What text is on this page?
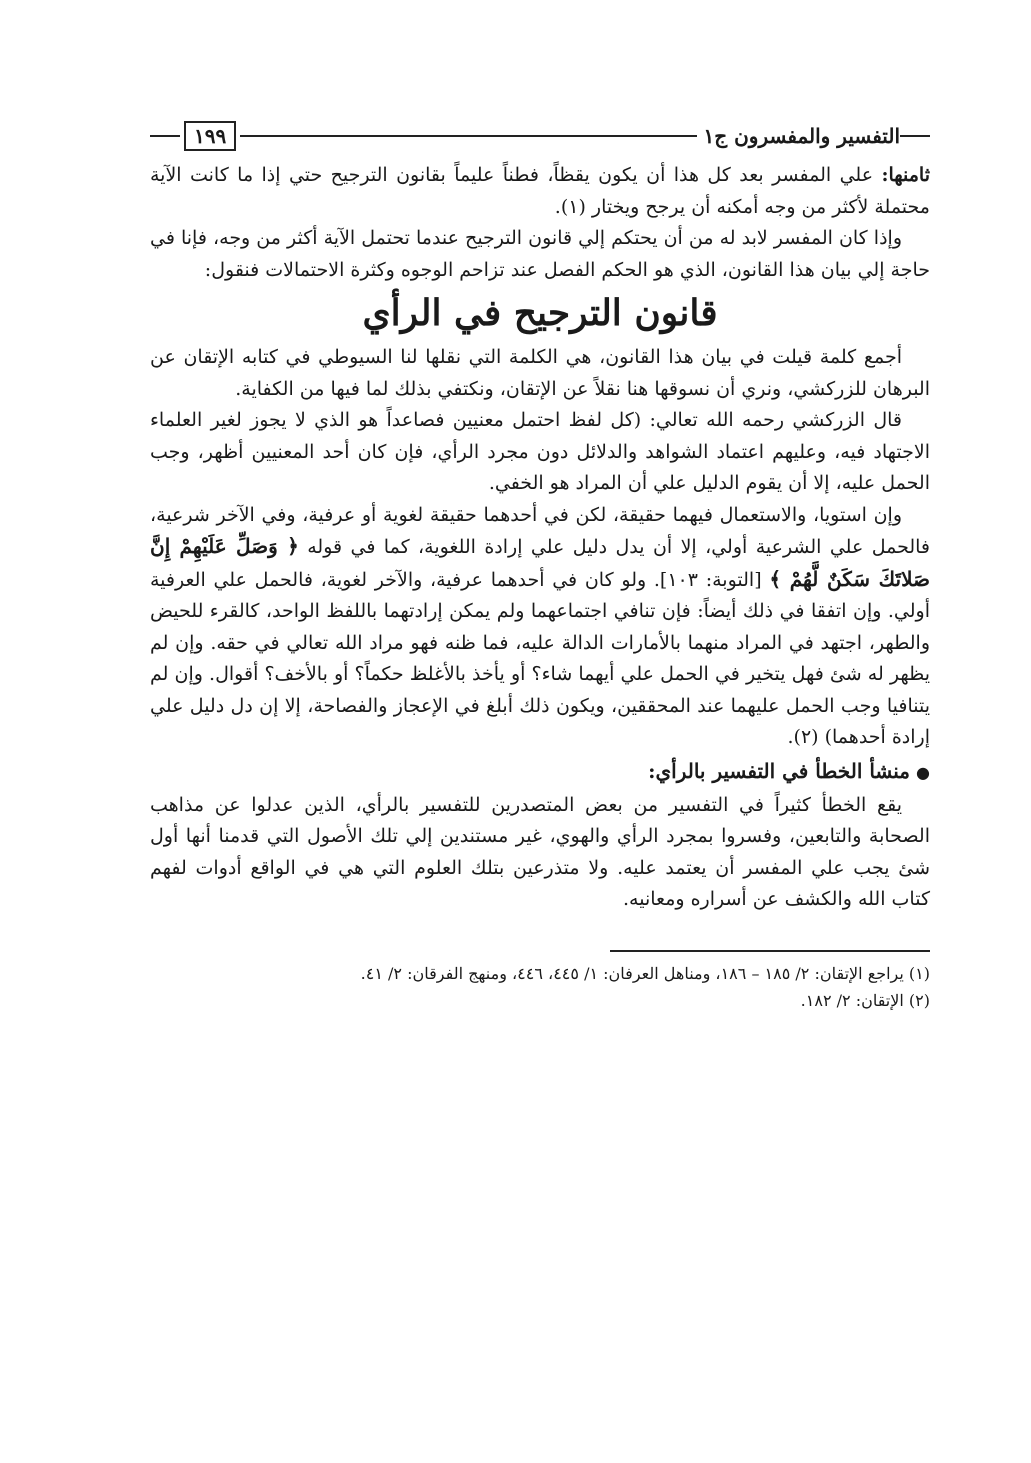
التفسير والمفسرون ج١
١٩٩

ثامنها: علي المفسر بعد كل هذا أن يكون يقظاً، فطناً عليماً بقانون الترجيح حتي إذا ما كانت الآية محتملة لأكثر من وجه أمكنه أن يرجح ويختار (١).

وإذا كان المفسر لابد له من أن يحتكم إلي قانون الترجيح عندما تحتمل الآية أكثر من وجه، فإنا في حاجة إلي بيان هذا القانون، الذي هو الحكم الفصل عند تزاحم الوجوه وكثرة الاحتمالات فنقول:

قانون الترجيح في الرأي

أجمع كلمة قيلت في بيان هذا القانون، هي الكلمة التي نقلها لنا السيوطي في كتابه الإتقان عن البرهان للزركشي، ونري أن نسوقها هنا نقلاً عن الإتقان، ونكتفي بذلك لما فيها من الكفاية.

قال الزركشي رحمه الله تعالي: (كل لفظ احتمل معنيين فصاعداً هو الذي لا يجوز لغير العلماء الاجتهاد فيه، وعليهم اعتماد الشواهد والدلائل دون مجرد الرأي، فإن كان أحد المعنيين أظهر، وجب الحمل عليه، إلا أن يقوم الدليل علي أن المراد هو الخفي.

وإن استويا، والاستعمال فيهما حقيقة، لكن في أحدهما حقيقة لغوية أو عرفية، وفي الآخر شرعية، فالحمل علي الشرعية أولي، إلا أن يدل دليل علي إرادة اللغوية، كما في قوله ﴿ وَصَلِّ عَلَيْهِمْ إِنَّ صَلاتَكَ سَكَنٌ لَّهُمْ ﴾ [التوبة: ١٠٣]. ولو كان في أحدهما عرفية، والآخر لغوية، فالحمل علي العرفية أولي. وإن اتفقا في ذلك أيضاً: فإن تنافي اجتماعهما ولم يمكن إرادتهما باللفظ الواحد، كالقرء للحيض والطهر، اجتهد في المراد منهما بالأمارات الدالة عليه، فما ظنه فهو مراد الله تعالي في حقه. وإن لم يظهر له شئ فهل يتخير في الحمل علي أيهما شاء؟ أو يأخذ بالأغلظ حكماً؟ أو بالأخف؟ أقوال. وإن لم يتنافيا وجب الحمل عليهما عند المحققين، ويكون ذلك أبلغ في الإعجاز والفصاحة، إلا إن دل دليل علي إرادة أحدهما) (٢).

●منشأ الخطأ في التفسير بالرأي:

يقع الخطأ كثيراً في التفسير من بعض المتصدرين للتفسير بالرأي، الذين عدلوا عن مذاهب الصحابة والتابعين، وفسروا بمجرد الرأي والهوي، غير مستندين إلي تلك الأصول التي قدمنا أنها أول شئ يجب علي المفسر أن يعتمد عليه. ولا متذرعين بتلك العلوم التي هي في الواقع أدوات لفهم كتاب الله والكشف عن أسراره ومعانيه.

(١) يراجع الإتقان: ٢/ ١٨٥ – ١٨٦، ومناهل العرفان: ١/ ٤٤٥، ٤٤٦، ومنهج الفرقان: ٢/ ٤١.

(٢) الإتقان: ٢/ ١٨٢.
